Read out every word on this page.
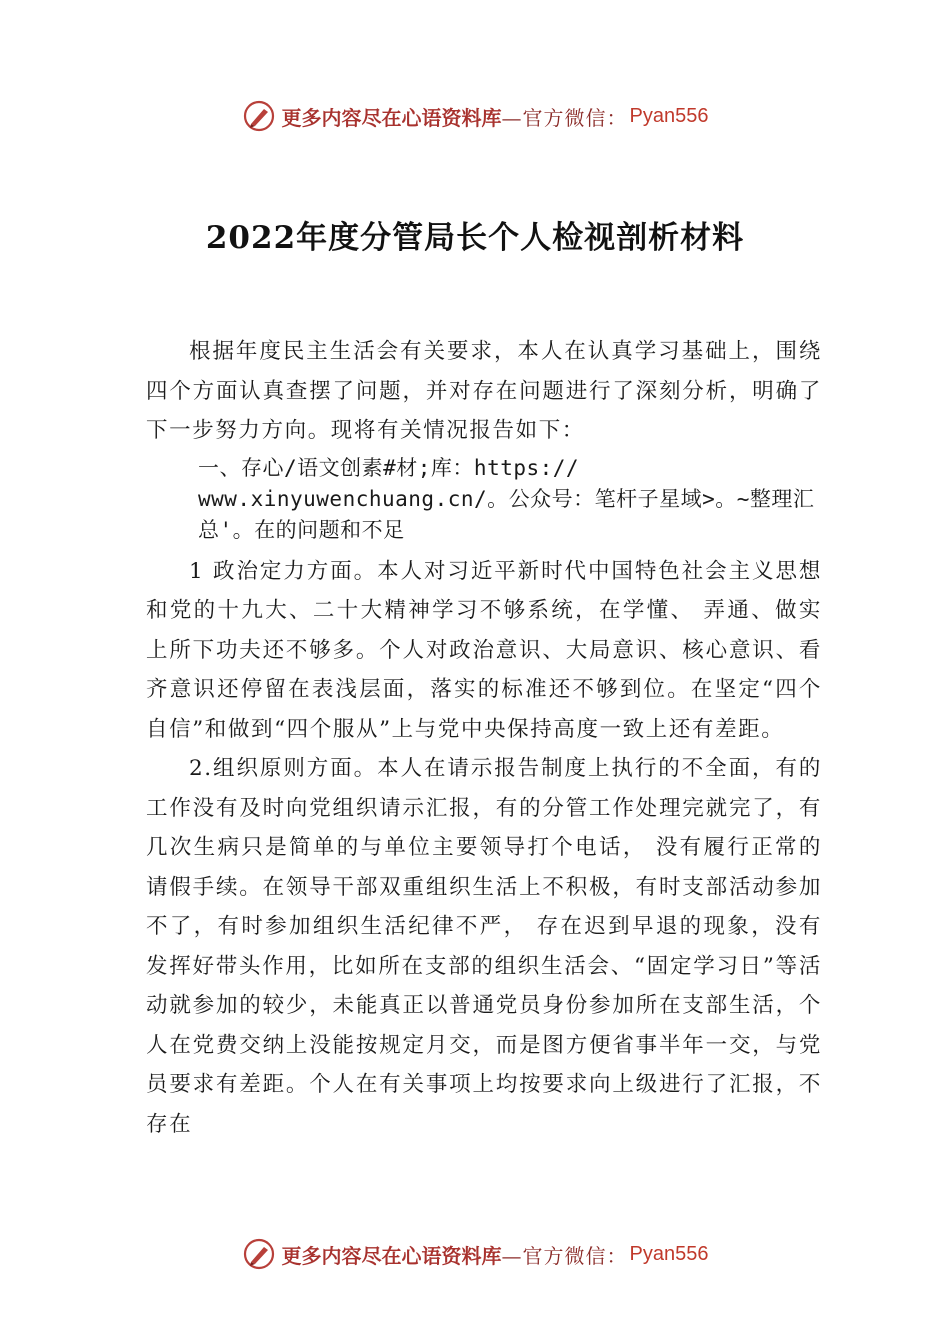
更多内容尽在心语资料库 —官方微信： Pyan556
2022年度分管局长个人检视剖析材料

根据年度民主生活会有关要求，本人在认真学习基础上，围绕四个方面认真查摆了问题，并对存在问题进行了深刻分析，明确了下一步努力方向。现将有关情况报告如下：

一、存心/语文创素#材;库：https:// www.xinyuwenchuang.cn/。公众号：笔杆子星域>。~整理汇总'。在的问题和不足

1 政治定力方面。本人对习近平新时代中国特色社会主义思想和党的十九大、二十大精神学习不够系统，在学懂、 弄通、做实上所下功夫还不够多。个人对政治意识、大局意识、核心意识、看齐意识还停留在表浅层面，落实的标准还不够到位。在坚定“四个自信”和做到“四个服从”上与党中央保持高度一致上还有差距。

2.组织原则方面。本人在请示报告制度上执行的不全面，有的工作没有及时向党组织请示汇报，有的分管工作处理完就完了，有几次生病只是简单的与单位主要领导打个电话， 没有履行正常的请假手续。在领导干部双重组织生活上不积极，有时支部活动参加不了，有时参加组织生活纪律不严， 存在迟到早退的现象，没有发挥好带头作用，比如所在支部的组织生活会、“固定学习日”等活动就参加的较少，未能真正以普通党员身份参加所在支部生活，个人在党费交纳上没能按规定月交，而是图方便省事半年一交，与党员要求有差距。个人在有关事项上均按要求向上级进行了汇报，不存在

更多内容尽在心语资料库 —官方微信： Pyan556
